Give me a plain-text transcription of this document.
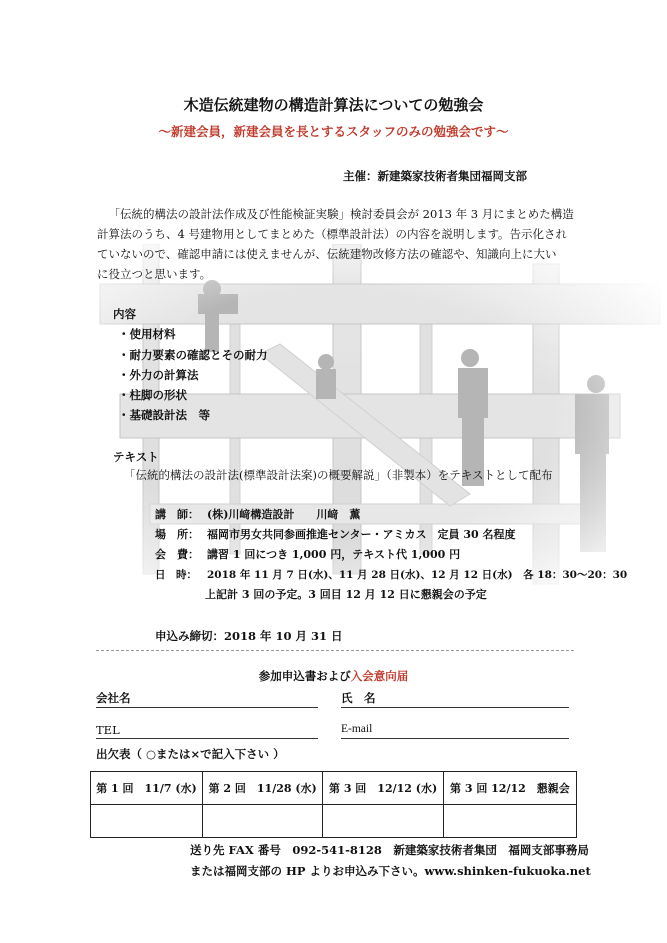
木造伝統建物の構造計算法についての勉強会
～新建会員，新建会員を長とするスタッフのみの勉強会です～
主催：新建築家技術者集団福岡支部
「伝統的構法の設計法作成及び性能検証実験」検討委員会が 2013 年 3 月にまとめた構造
計算法のうち、4 号建物用としてまとめた（標準設計法）の内容を説明します。告示化され
ていないので、確認申請には使えませんが、伝統建物改修方法の確認や、知識向上に大い
に役立つと思います。
内容
・使用材料
・耐力要素の確認とその耐力
・外力の計算法
・柱脚の形状
・基礎設計法　等
テキスト
「伝統的構法の設計法(標準設計法案)の概要解説」（非製本）をテキストとして配布
講　師： (株)川﨑構造設計　　川﨑　薫
場　所： 福岡市男女共同参画推進センター・アミカス　定員 30 名程度
会　費： 講習 1 回につき 1,000 円，テキスト代 1,000 円
日　時： 2018 年 11 月 7 日(水)、11 月 28 日(水)、12 月 12 日(水)　各 18：30～20：30
上記計 3 回の予定。3 回目 12 月 12 日に懇親会の予定
申込み締切：2018 年 10 月 31 日
参加申込書および入会意向届
会社名	氏　名
TEL	E-mail
出欠表（ ○または×で記入下さい ）
第 1 回　11/7 (水)	第 2 回　11/28 (水)	第 3 回　12/12 (水)	第 3 回 12/12　懇親会

送り先 FAX 番号　092-541-8128　新建築家技術者集団　福岡支部事務局
または福岡支部の HP よりお申込み下さい。www.shinken-fukuoka.net
